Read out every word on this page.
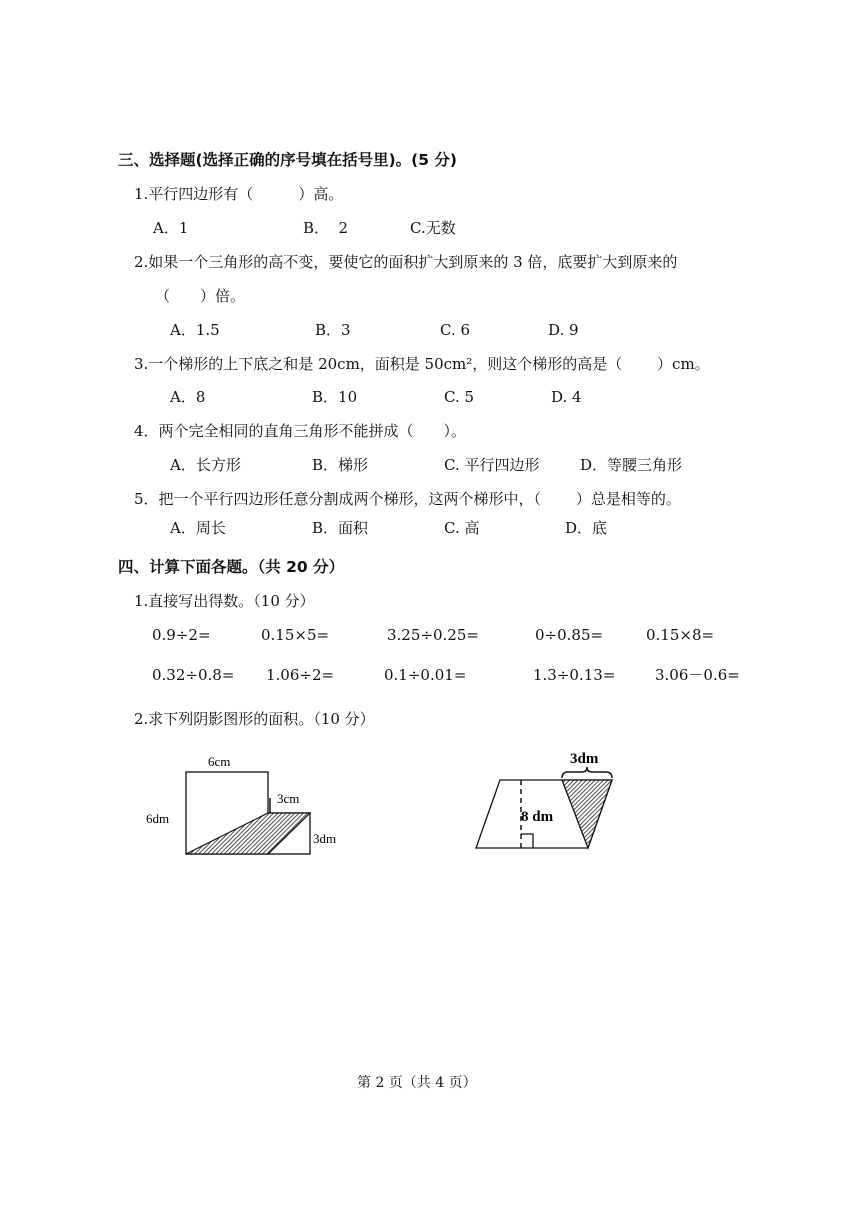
三、选择题(选择正确的序号填在括号里)。(5 分)
1.平行四边形有（　　　）高。
A．1	B．  2	C.无数
2.如果一个三角形的高不变，要使它的面积扩大到原来的 3 倍，底要扩大到原来的
（　　）倍。
A．1.5	B．3	C. 6	D. 9
3.一个梯形的上下底之和是 20cm，面积是 50cm²，则这个梯形的高是（　　 ）cm。
A．8	B．10	C. 5	D. 4
4．两个完全相同的直角三角形不能拼成（　　）。
A．长方形	B．梯形	C. 平行四边形	D．等腰三角形
5．把一个平行四边形任意分割成两个梯形，这两个梯形中，（　　 ）总是相等的。
A．周长	B．面积	C. 高	D．底
四、计算下面各题。（共 20 分）
1.直接写出得数。（10 分）
0.9÷2=	0.15×5=	3.25÷0.25=	0÷0.85=	0.15×8=
0.32÷0.8= 1.06÷2=	0.1÷0.01=	1.3÷0.13=	3.06－0.6=
2.求下列阴影图形的面积。（10 分）
6cm
6dm
3cm
3dm
3dm
8 dm
第 2 页（共 4 页）
